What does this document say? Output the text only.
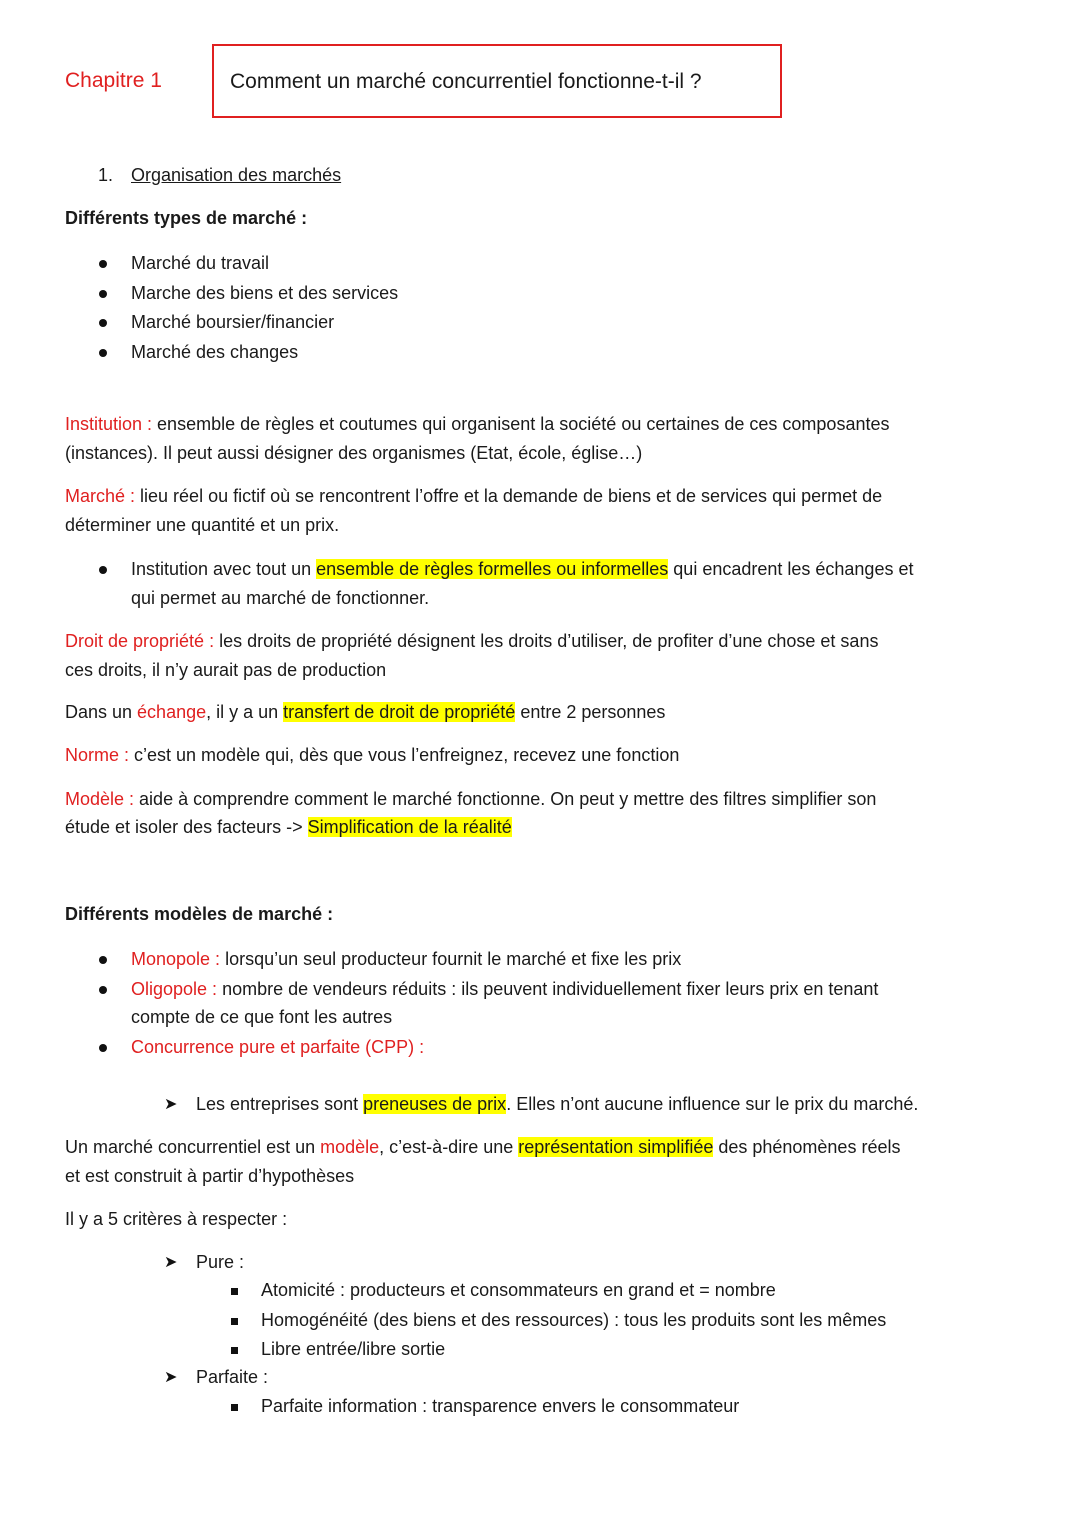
Chapitre 1	Comment un marché concurrentiel fonctionne-t-il ?
1. Organisation des marchés
Différents types de marché :
Marché du travail
Marche des biens et des services
Marché boursier/financier
Marché des changes
Institution : ensemble de règles et coutumes qui organisent la société ou certaines de ces composantes
(instances). Il peut aussi désigner des organismes (Etat, école, église…)
Marché : lieu réel ou fictif où se rencontrent l’offre et la demande de biens et de services qui permet de
déterminer une quantité et un prix.
Institution avec tout un ensemble de règles formelles ou informelles qui encadrent les échanges et
qui permet au marché de fonctionner.
Droit de propriété : les droits de propriété désignent les droits d’utiliser, de profiter d’une chose et sans
ces droits, il n’y aurait pas de production
Dans un échange, il y a un transfert de droit de propriété entre 2 personnes
Norme : c’est un modèle qui, dès que vous l’enfreignez, recevez une fonction
Modèle : aide à comprendre comment le marché fonctionne. On peut y mettre des filtres simplifier son
étude et isoler des facteurs -> Simplification de la réalité
Différents modèles de marché :
Monopole : lorsqu’un seul producteur fournit le marché et fixe les prix
Oligopole : nombre de vendeurs réduits : ils peuvent individuellement fixer leurs prix en tenant
compte de ce que font les autres
Concurrence pure et parfaite (CPP) :
➤ Les entreprises sont preneuses de prix. Elles n’ont aucune influence sur le prix du marché.
Un marché concurrentiel est un modèle, c’est-à-dire une représentation simplifiée des phénomènes réels
et est construit à partir d’hypothèses
Il y a 5 critères à respecter :
➤ Pure :
Atomicité : producteurs et consommateurs en grand et = nombre
Homogénéité (des biens et des ressources) : tous les produits sont les mêmes
Libre entrée/libre sortie
➤ Parfaite :
Parfaite information : transparence envers le consommateur
